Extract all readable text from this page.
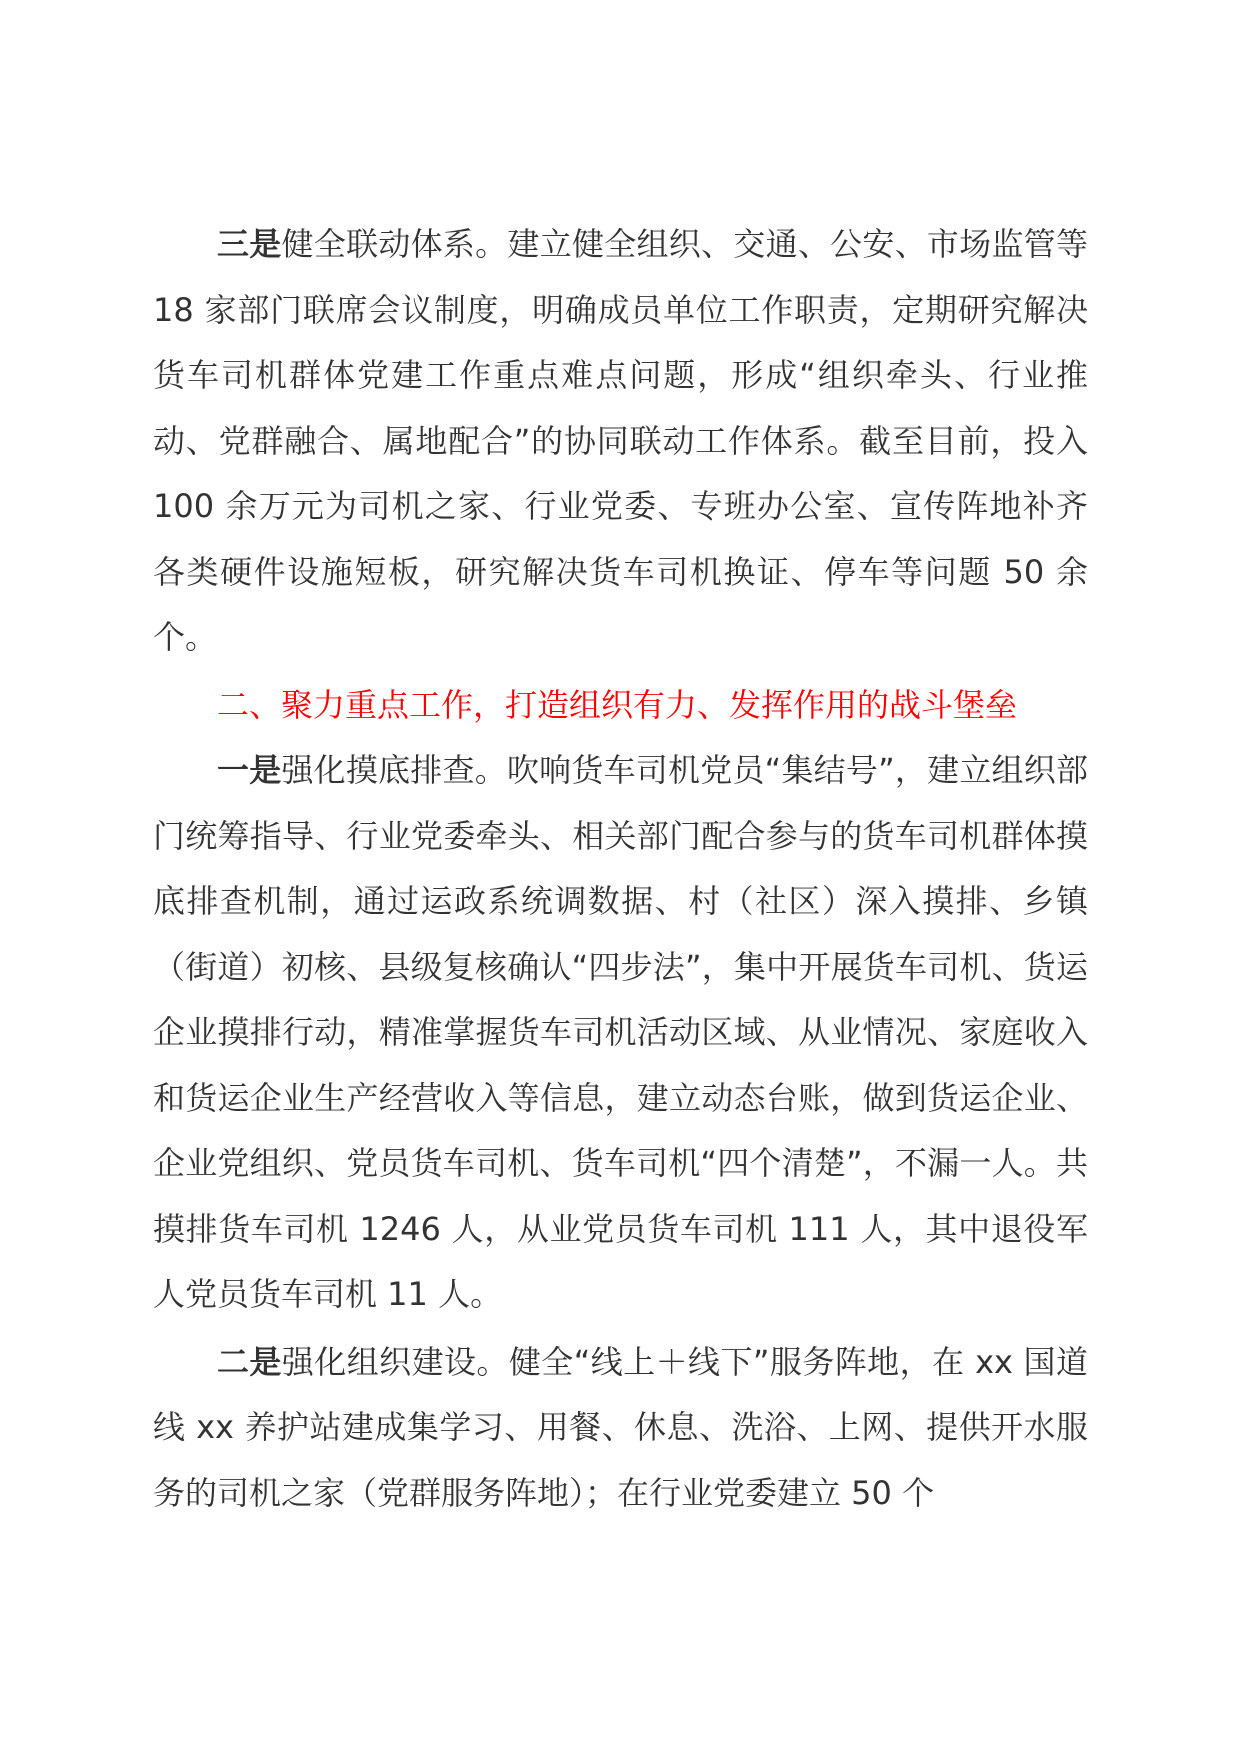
三是健全联动体系。建立健全组织、交通、公安、市场监管等 18 家部门联席会议制度，明确成员单位工作职责，定期研究解决货车司机群体党建工作重点难点问题，形成“组织牵头、行业推动、党群融合、属地配合”的协同联动工作体系。截至目前，投入 100 余万元为司机之家、行业党委、专班办公室、宣传阵地补齐各类硬件设施短板，研究解决货车司机换证、停车等问题 50 余个。

二、聚力重点工作，打造组织有力、发挥作用的战斗堡垒

一是强化摸底排查。吹响货车司机党员“集结号”，建立组织部门统筹指导、行业党委牵头、相关部门配合参与的货车司机群体摸底排查机制，通过运政系统调数据、村（社区）深入摸排、乡镇（街道）初核、县级复核确认“四步法”，集中开展货车司机、货运企业摸排行动，精准掌握货车司机活动区域、从业情况、家庭收入和货运企业生产经营收入等信息，建立动态台账，做到货运企业、企业党组织、党员货车司机、货车司机“四个清楚”，不漏一人。共摸排货车司机 1246 人，从业党员货车司机 111 人，其中退役军人党员货车司机 11 人。

二是强化组织建设。健全“线上＋线下”服务阵地，在 xx 国道线 xx 养护站建成集学习、用餐、休息、洗浴、上网、提供开水服务的司机之家（党群服务阵地）；在行业党委建立 50 个
